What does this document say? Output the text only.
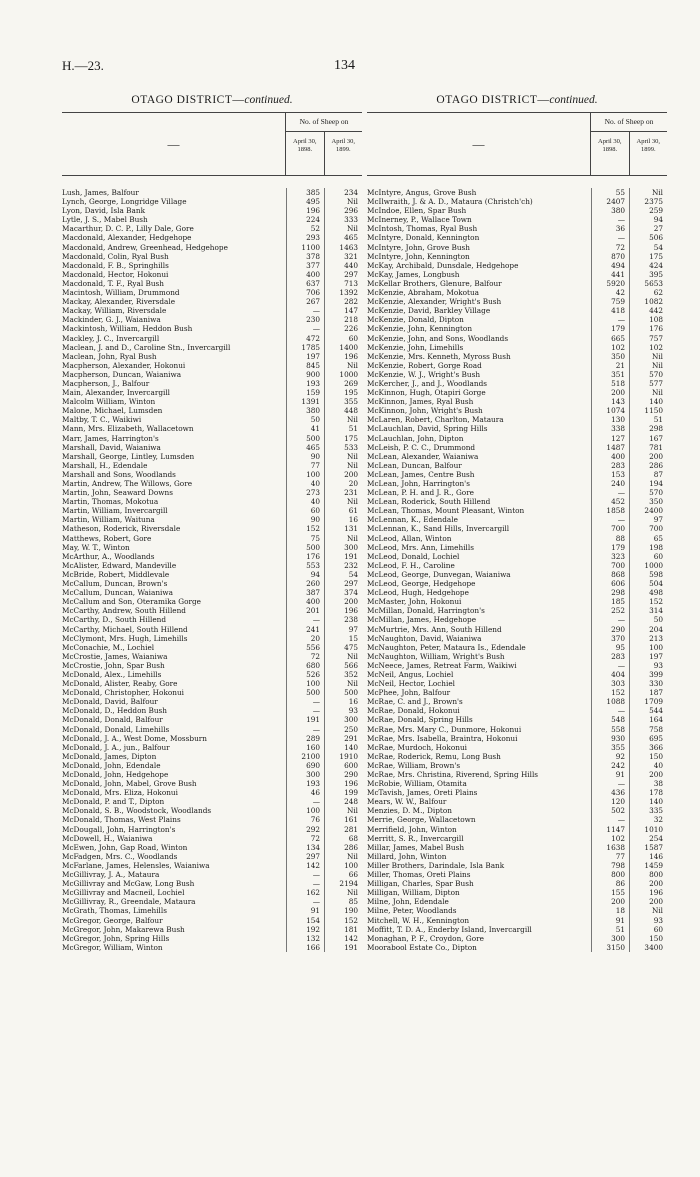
H.—23.	134
OTAGO DISTRICT—continued.
—
No. of Sheep on
April 30, 1898.
April 30, 1899.
Lush, James, Balfour	385	234
Lynch, George, Longridge Village	495	Nil
Lyon, David, Isla Bank	196	296
Lytle, J. S., Mabel Bush	224	333
Macarthur, D. C. P., Lilly Dale, Gore	52	Nil
Macdonald, Alexander, Hedgehope	293	465
Macdonald, Andrew, Greenhead, Hedgehope	1100	1463
Macdonald, Colin, Ryal Bush	378	321
Macdonald, F. B., Springhills	377	440
Macdonald, Hector, Hokonui	400	297
Macdonald, T. F., Ryal Bush	637	713
Macintosh, William, Drummond	706	1392
Mackay, Alexander, Riversdale	267	282
Mackay, William, Riversdale	—	147
Mackinder, G. J., Waianiwa	230	218
Mackintosh, William, Heddon Bush	—	226
Mackley, J. C., Invercargill	472	60
Maclean, J. and D., Caroline Stn., Invercargill	1785	1400
Maclean, John, Ryal Bush	197	196
Macpherson, Alexander, Hokonui	845	Nil
Macpherson, Duncan, Waianiwa	900	1000
Macpherson, J., Balfour	193	269
Main, Alexander, Invercargill	159	195
Malcolm William, Winton	1391	355
Malone, Michael, Lumsden	380	448
Maltby, T. C., Waikiwi	50	Nil
Mann, Mrs. Elizabeth, Wallacetown	41	51
Marr, James, Harrington's	500	175
Marshall, David, Waianiwa	465	533
Marshall, George, Lintley, Lumsden	90	Nil
Marshall, H., Edendale	77	Nil
Marshall and Sons, Woodlands	100	200
Martin, Andrew, The Willows, Gore	40	20
Martin, John, Seaward Downs	273	231
Martin, Thomas, Mokotua	40	Nil
Martin, William, Invercargill	60	61
Martin, William, Waituna	90	16
Matheson, Roderick, Riversdale	152	131
Matthews, Robert, Gore	75	Nil
May, W. T., Winton	500	300
McArthur, A., Woodlands	176	191
McAlister, Edward, Mandeville	553	232
McBride, Robert, Middlevale	94	54
McCallum, Duncan, Brown's	260	297
McCallum, Duncan, Waianiwa	387	374
McCallum and Son, Oteramika Gorge	400	200
McCarthy, Andrew, South Hillend	201	196
McCarthy, D., South Hillend	—	238
McCarthy, Michael, South Hillend	241	97
McClymont, Mrs. Hugh, Limehills	20	15
McConachie, M., Lochiel	556	475
McCrostie, James, Waianiwa	72	Nil
McCrostie, John, Spar Bush	680	566
McDonald, Alex., Limehills	526	352
McDonald, Alister, Reaby, Gore	100	Nil
McDonald, Christopher, Hokonui	500	500
McDonald, David, Balfour	—	16
McDonald, D., Heddon Bush	—	93
McDonald, Donald, Balfour	191	300
McDonald, Donald, Limehills	—	250
McDonald, J. A., West Dome, Mossburn	289	291
McDonald, J. A., jun., Balfour	160	140
McDonald, James, Dipton	2100	1910
McDonald, John, Edendale	690	600
McDonald, John, Hedgehope	300	290
McDonald, John, Mabel, Grove Bush	193	196
McDonald, Mrs. Eliza, Hokonui	46	199
McDonald, P. and T., Dipton	—	248
McDonald, S. B., Woodstock, Woodlands	100	Nil
McDonald, Thomas, West Plains	76	161
McDougall, John, Harrington's	292	281
McDowell, H., Waianiwa	72	68
McEwen, John, Gap Road, Winton	134	286
McFadgen, Mrs. C., Woodlands	297	Nil
McFarlane, James, Helensles, Waianiwa	142	100
McGillivray, J. A., Mataura	—	66
McGillivray and McGaw, Long Bush	—	2194
McGillivray and Macneil, Lochiel	162	Nil
McGillivray, R., Greendale, Mataura	—	85
McGrath, Thomas, Limehills	91	190
McGregor, George, Balfour	154	152
McGregor, John, Makarewa Bush	192	181
McGregor, John, Spring Hills	132	142
McGregor, William, Winton	166	191
OTAGO DISTRICT—continued.
—
No. of Sheep on
April 30, 1898.
April 30, 1899.
McIntyre, Angus, Grove Bush	55	Nil
McIlwraith, J. & A. D., Mataura (Christch'ch)	2407	2375
McIndoe, Ellen, Spar Bush	380	259
McInerney, P., Wallace Town	—	94
McIntosh, Thomas, Ryal Bush	36	27
McIntyre, Donald, Kennington	—	506
McIntyre, John, Grove Bush	72	54
McIntyre, John, Kennington	870	175
McKay, Archibald, Dunsdale, Hedgehope	494	424
McKay, James, Longbush	441	395
McKellar Brothers, Glenure, Balfour	5920	5653
McKenzie, Abraham, Mokotua	42	62
McKenzie, Alexander, Wright's Bush	759	1082
McKenzie, David, Barkley Village	418	442
McKenzie, Donald, Dipton	—	108
McKenzie, John, Kennington	179	176
McKenzie, John, and Sons, Woodlands	665	757
McKenzie, John, Limehills	102	102
McKenzie, Mrs. Kenneth, Myross Bush	350	Nil
McKenzie, Robert, Gorge Road	21	Nil
McKenzie, W. J., Wright's Bush	351	570
McKercher, J., and J., Woodlands	518	577
McKinnon, Hugh, Otapiri Gorge	200	Nil
McKinnon, James, Ryal Bush	143	140
McKinnon, John, Wright's Bush	1074	1150
McLaren, Robert, Charlton, Mataura	130	51
McLauchlan, David, Spring Hills	338	298
McLauchlan, John, Dipton	127	167
McLeish, P. C. C., Drummond	1487	781
McLean, Alexander, Waianiwa	400	200
McLean, Duncan, Balfour	283	286
McLean, James, Centre Bush	153	87
McLean, John, Harrington's	240	194
McLean, P. H. and J. R., Gore	—	570
McLean, Roderick, South Hillend	452	350
McLean, Thomas, Mount Pleasant, Winton	1858	2400
McLennan, K., Edendale	—	97
McLennan, K., Sand Hills, Invercargill	700	700
McLeod, Allan, Winton	88	65
McLeod, Mrs. Ann, Limehills	179	198
McLeod, Donald, Lochiel	323	60
McLeod, F. H., Caroline	700	1000
McLeod, George, Dunvegan, Waianiwa	868	598
McLeod, George, Hedgehope	606	504
McLeod, Hugh, Hedgehope	298	498
McMaster, John, Hokonui	185	152
McMillan, Donald, Harrington's	252	314
McMillan, James, Hedgehope	—	50
McMurtrie, Mrs. Ann, South Hillend	290	204
McNaughton, David, Waianiwa	370	213
McNaughton, Peter, Mataura Is., Edendale	95	100
McNaughton, William, Wright's Bush	283	197
McNeece, James, Retreat Farm, Waikiwi	—	93
McNeil, Angus, Lochiel	404	399
McNeil, Hector, Lochiel	303	330
McPhee, John, Balfour	152	187
McRae, C. and J., Brown's	1088	1709
McRae, Donald, Hokonui	—	544
McRae, Donald, Spring Hills	548	164
McRae, Mrs. Mary C., Dunmore, Hokonui	558	758
McRae, Mrs. Isabella, Braintra, Hokonui	930	695
McRae, Murdoch, Hokonui	355	366
McRae, Roderick, Remu, Long Bush	92	150
McRae, William, Brown's	242	40
McRae, Mrs. Christina, Riverend, Spring Hills	91	200
McRobie, William, Otamita	—	38
McTavish, James, Oreti Plains	436	178
Mears, W. W., Balfour	120	140
Menzies, D. M., Dipton	502	335
Merrie, George, Wallacetown	—	32
Merrifield, John, Winton	1147	1010
Merritt, S. R., Invercargill	102	254
Millar, James, Mabel Bush	1638	1587
Millard, John, Winton	77	146
Miller Brothers, Darindale, Isla Bank	798	1459
Miller, Thomas, Oreti Plains	800	800
Milligan, Charles, Spar Bush	86	200
Milligan, William, Dipton	155	196
Milne, John, Edendale	200	200
Milne, Peter, Woodlands	18	Nil
Mitchell, W. H., Kennington	91	93
Moffitt, T. D. A., Enderby Island, Invercargill	51	60
Monaghan, P. F., Croydon, Gore	300	150
Moorabool Estate Co., Dipton	3150	3400
